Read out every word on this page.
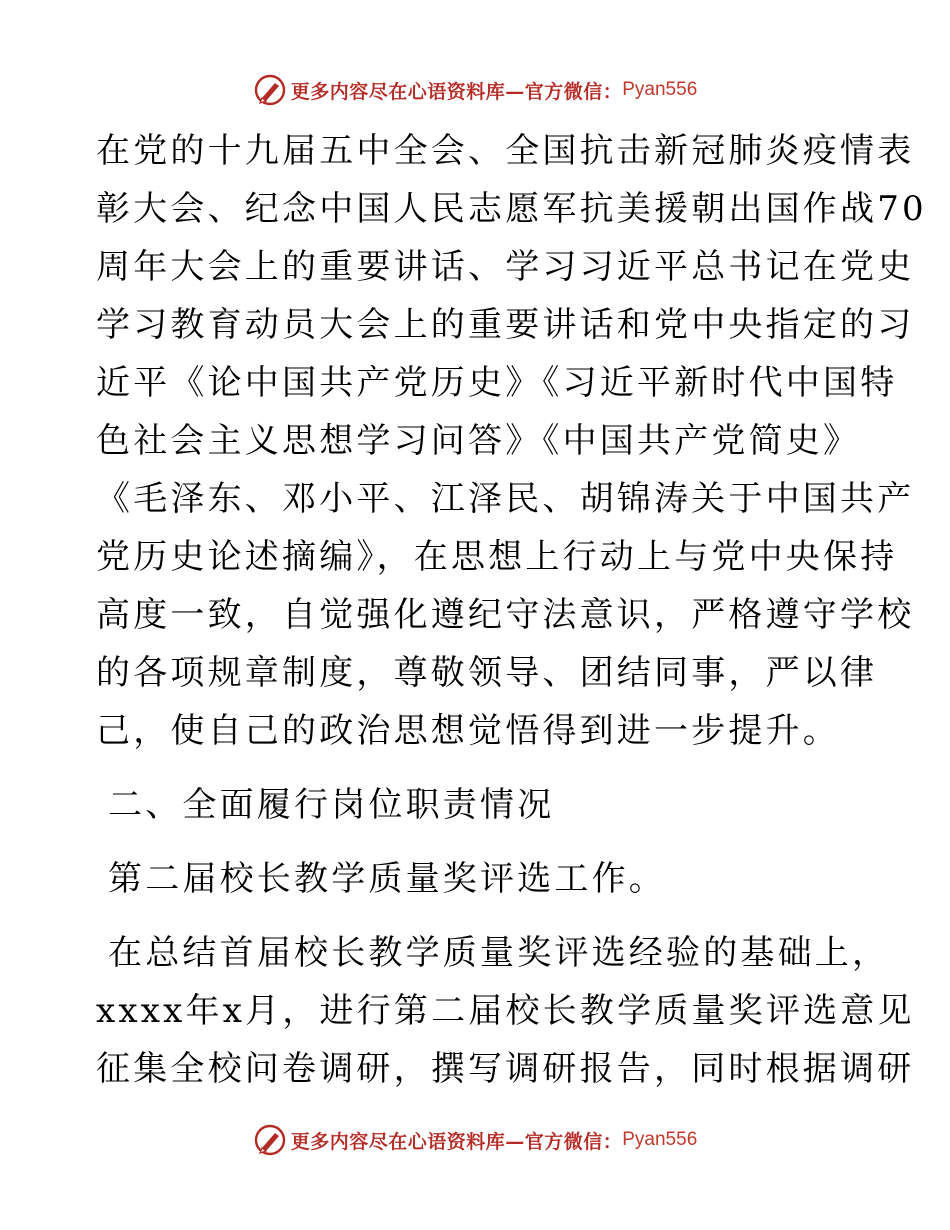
更多内容尽在心语资料库—官方微信： Pyan556
在党的十九届五中全会、全国抗击新冠肺炎疫情表
彰大会、纪念中国人民志愿军抗美援朝出国作战70
周年大会上的重要讲话、学习习近平总书记在党史
学习教育动员大会上的重要讲话和党中央指定的习
近平《论中国共产党历史》《习近平新时代中国特
色社会主义思想学习问答》《中国共产党简史》
《毛泽东、邓小平、江泽民、胡锦涛关于中国共产
党历史论述摘编》，在思想上行动上与党中央保持
高度一致，自觉强化遵纪守法意识，严格遵守学校
的各项规章制度，尊敬领导、团结同事，严以律
己，使自己的政治思想觉悟得到进一步提升。
二、全面履行岗位职责情况
第二届校长教学质量奖评选工作。
在总结首届校长教学质量奖评选经验的基础上，
xxxx年x月，进行第二届校长教学质量奖评选意见
征集全校问卷调研，撰写调研报告，同时根据调研
更多内容尽在心语资料库—官方微信： Pyan556
